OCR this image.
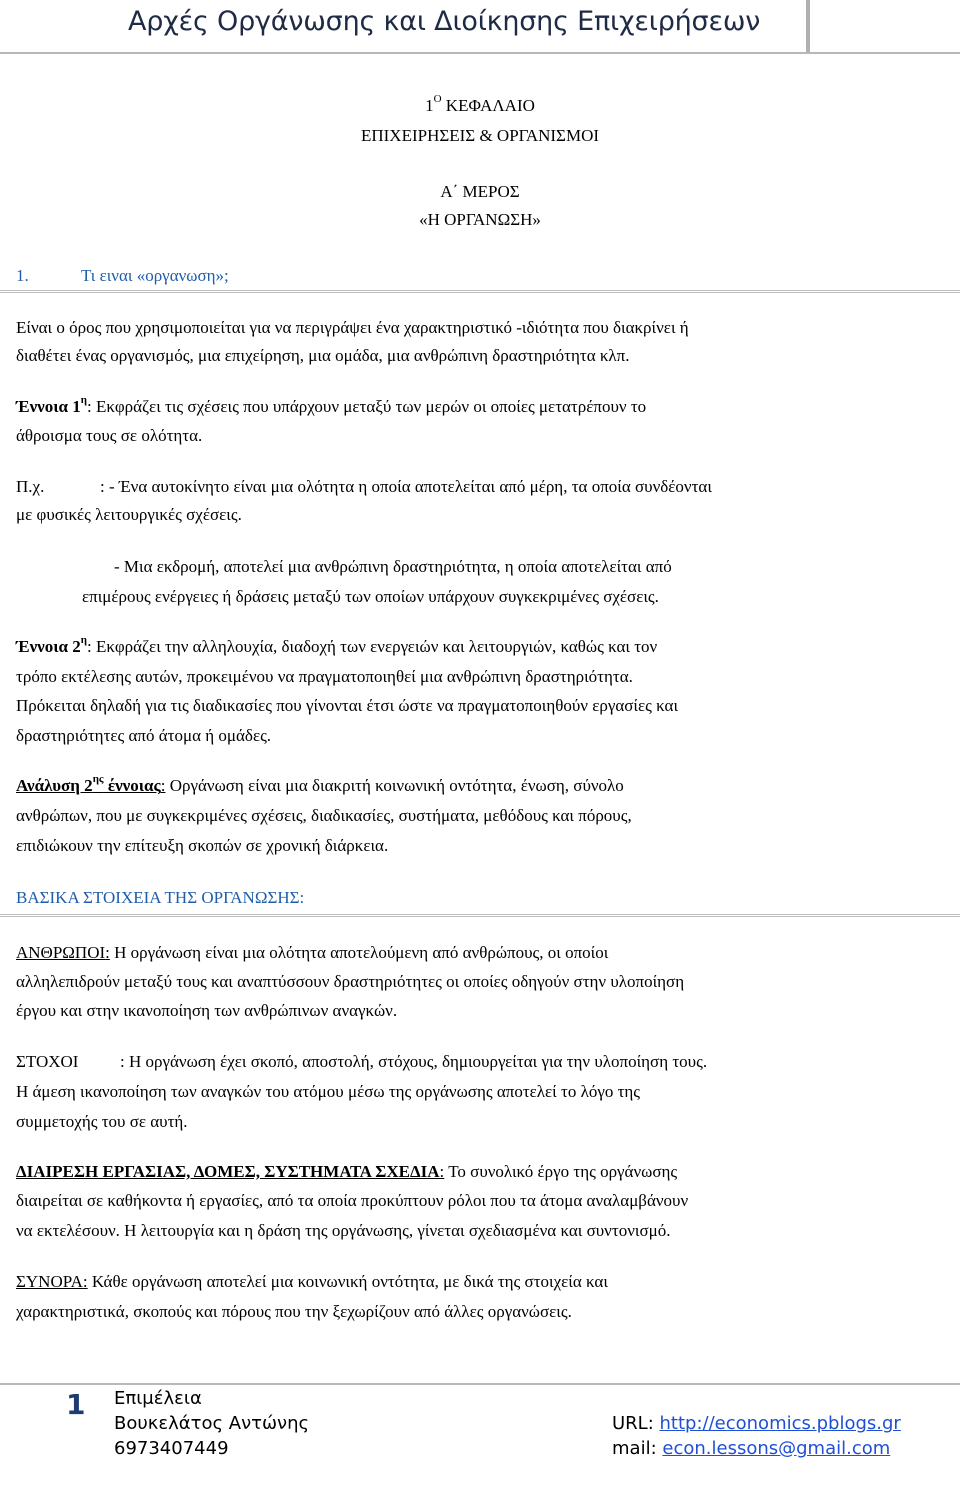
Αρχές Οργάνωσης και Διοίκησης Επιχειρήσεων
$1^O$ ΚΕΦΑΛΑΙΟ
ΕΠΙΧΕΙΡΗΣΕΙΣ & ΟΡΓΑΝΙΣΜΟΙ
Α΄ ΜΕΡΟΣ
«Η ΟΡΓΑΝΩΣΗ»
1.	Τι ειναι «οργανωση»;
Είναι ο όρος που χρησιμοποιείται για να περιγράψει ένα χαρακτηριστικό -ιδιότητα που διακρίνει ή
διαθέτει ένας οργανισμός, μια επιχείρηση, μια ομάδα, μια ανθρώπινη δραστηριότητα κλπ.
Έννοια $1^\eta$: Εκφράζει τις σχέσεις που υπάρχουν μεταξύ των μερών οι οποίες μετατρέπουν το
άθροισμα τους σε ολότητα.
Π.χ.	: - Ένα αυτοκίνητο είναι μια ολότητα η οποία αποτελείται από μέρη, τα οποία συνδέονται
με φυσικές λειτουργικές σχέσεις.
- Μια εκδρομή, αποτελεί μια ανθρώπινη δραστηριότητα, η οποία αποτελείται από
επιμέρους ενέργειες ή δράσεις μεταξύ των οποίων υπάρχουν συγκεκριμένες σχέσεις.
Έννοια $2^\eta$: Εκφράζει την αλληλουχία, διαδοχή των ενεργειών και λειτουργιών, καθώς και τον
τρόπο εκτέλεσης αυτών, προκειμένου να πραγματοποιηθεί μια ανθρώπινη δραστηριότητα.
Πρόκειται δηλαδή για τις διαδικασίες που γίνονται έτσι ώστε να πραγματοποιηθούν εργασίες και
δραστηριότητες από άτομα ή ομάδες.
Ανάλυση $2^{\eta\varsigma}$ έννοιας: Οργάνωση είναι μια διακριτή κοινωνική οντότητα, ένωση, σύνολο
ανθρώπων, που με συγκεκριμένες σχέσεις, διαδικασίες, συστήματα, μεθόδους και πόρους,
επιδιώκουν την επίτευξη σκοπών σε χρονική διάρκεια.
ΒΑΣΙΚΑ ΣΤΟΙΧΕΙΑ ΤΗΣ ΟΡΓΑΝΩΣΗΣ:
ΑΝΘΡΩΠΟΙ: Η οργάνωση είναι μια ολότητα αποτελούμενη από ανθρώπους, οι οποίοι
αλληλεπιδρούν μεταξύ τους και αναπτύσσουν δραστηριότητες οι οποίες οδηγούν στην υλοποίηση
έργου και στην ικανοποίηση των ανθρώπινων αναγκών.
ΣΤΟΧΟΙ : Η οργάνωση έχει σκοπό, αποστολή, στόχους, δημιουργείται για την υλοποίηση τους.
Η άμεση ικανοποίηση των αναγκών του ατόμου μέσω της οργάνωσης αποτελεί το λόγο της
συμμετοχής του σε αυτή.
ΔΙΑΙΡΕΣΗ ΕΡΓΑΣΙΑΣ, ΔΟΜΕΣ, ΣΥΣΤΗΜΑΤΑ ΣΧΕΔΙΑ: Το συνολικό έργο της οργάνωσης
διαιρείται σε καθήκοντα ή εργασίες, από τα οποία προκύπτουν ρόλοι που τα άτομα αναλαμβάνουν
να εκτελέσουν. Η λειτουργία και η δράση της οργάνωσης, γίνεται σχεδιασμένα και συντονισμό.
ΣΥΝΟΡΑ: Κάθε οργάνωση αποτελεί μια κοινωνική οντότητα, με δικά της στοιχεία και
χαρακτηριστικά, σκοπούς και πόρους που την ξεχωρίζουν από άλλες οργανώσεις.
1 Επιμέλεια
Βουκελάτος Αντώνης
6973407449
URL: http://economics.pblogs.gr
mail: econ.lessons@gmail.com
